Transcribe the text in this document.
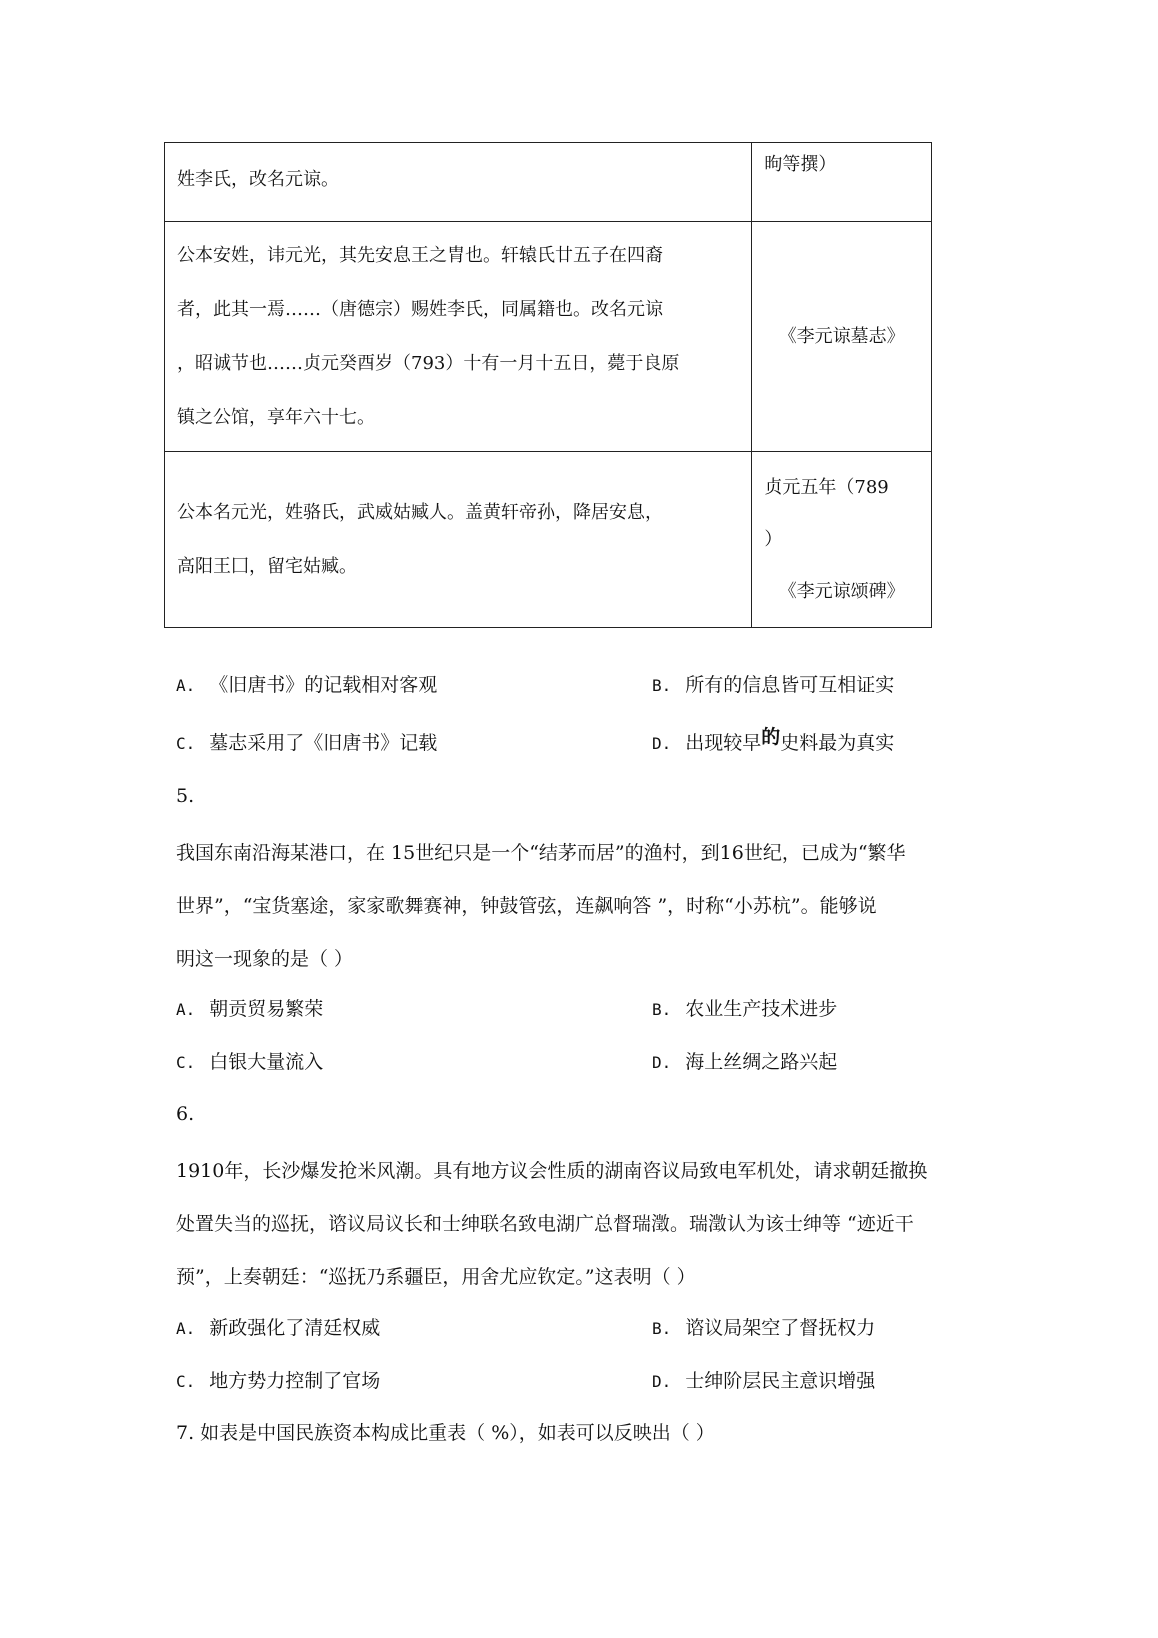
姓李氏，改名元谅。	昫等撰）

公本安姓，讳元光，其先安息王之胄也。轩辕氏廿五子在四裔
者，此其一焉……（唐德宗）赐姓李氏，同属籍也。改名元谅
，昭诚节也……贞元癸酉岁（793）十有一月十五日，薨于良原
镇之公馆，享年六十七。	《李元谅墓志》

公本名元光，姓骆氏，武威姑臧人。盖黄轩帝孙，降居安息，
高阳王囗，留宅姑臧。	贞元五年（789
）
《李元谅颂碑》
A. 《旧唐书》的记载相对客观	B. 所有的信息皆可互相证实
C. 墓志采用了《旧唐书》记载	D. 出现较早的史料最为真实
5.
我国东南沿海某港口，在 15世纪只是一个“结茅而居”的渔村，到16世纪，已成为“繁华
世界”，“宝货塞途，家家歌舞赛神，钟鼓管弦，连飙响答 ”，时称“小苏杭”。能够说
明这一现象的是（ ）
A. 朝贡贸易繁荣	B. 农业生产技术进步
C. 白银大量流入	D. 海上丝绸之路兴起
6.
1910年，长沙爆发抢米风潮。具有地方议会性质的湖南咨议局致电军机处，请求朝廷撤换
处置失当的巡抚，谘议局议长和士绅联名致电湖广总督瑞澂。瑞澂认为该士绅等 “迹近干
预”，上奏朝廷：“巡抚乃系疆臣，用舍尤应钦定。”这表明（ ）
A. 新政强化了清廷权威	B. 谘议局架空了督抚权力
C. 地方势力控制了官场	D. 士绅阶层民主意识增强
7. 如表是中国民族资本构成比重表（ %），如表可以反映出（ ）
